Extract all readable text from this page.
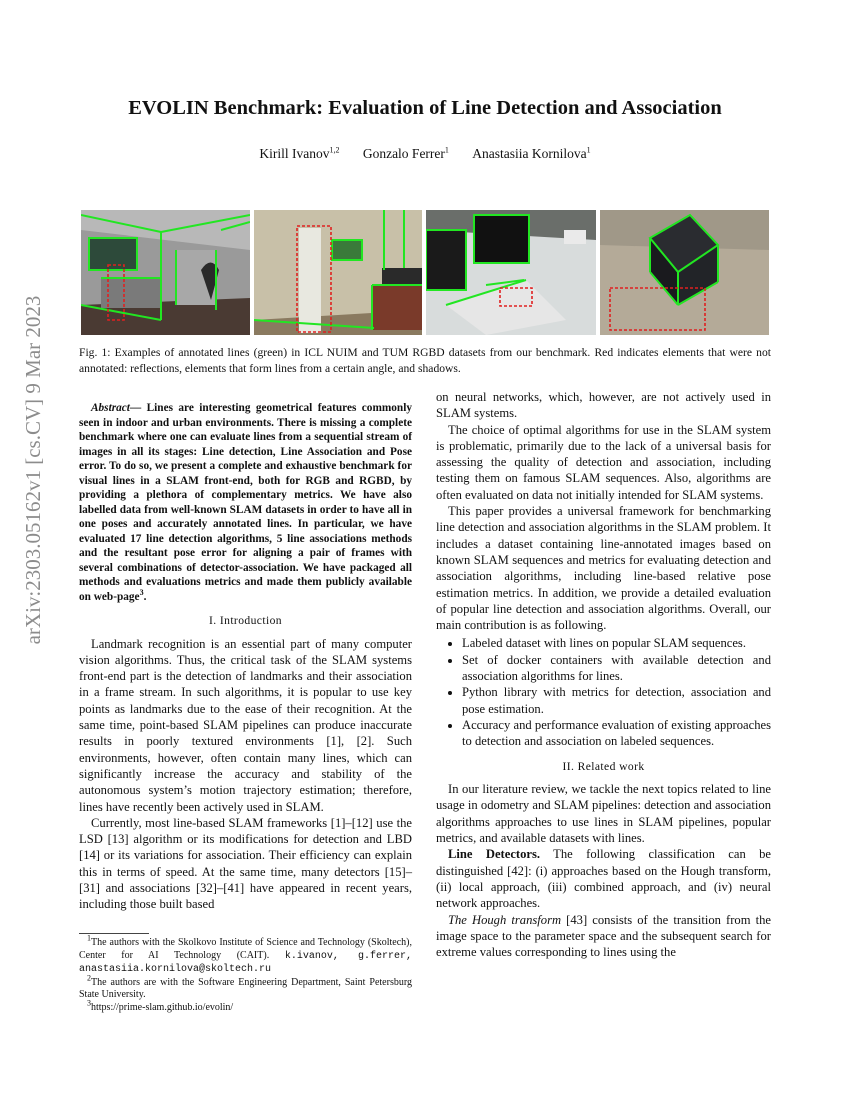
arXiv:2303.05162v1 [cs.CV] 9 Mar 2023
EVOLIN Benchmark: Evaluation of Line Detection and Association
Kirill Ivanov$^{1,2}$ Gonzalo Ferrer$^1$ Anastasiia Kornilova$^1$
Fig. 1: Examples of annotated lines (green) in ICL NUIM and TUM RGBD datasets from our benchmark. Red indicates elements that were not annotated: reflections, elements that form lines from a certain angle, and shadows.

Abstract— Lines are interesting geometrical features commonly seen in indoor and urban environments. There is missing a complete benchmark where one can evaluate lines from a sequential stream of images in all its stages: Line detection, Line Association and Pose error. To do so, we present a complete and exhaustive benchmark for visual lines in a SLAM front-end, both for RGB and RGBD, by providing a plethora of complementary metrics. We have also labelled data from well-known SLAM datasets in order to have all in one poses and accurately annotated lines. In particular, we have evaluated 17 line detection algorithms, 5 line associations methods and the resultant pose error for aligning a pair of frames with several combinations of detector-association. We have packaged all methods and evaluations metrics and made them publicly available on web-page$^3$.

I. Introduction

Landmark recognition is an essential part of many computer vision algorithms. Thus, the critical task of the SLAM systems front-end part is the detection of landmarks and their association in a frame stream. In such algorithms, it is popular to use key points as landmarks due to the ease of their recognition. At the same time, point-based SLAM pipelines can produce inaccurate results in poorly textured environments [1], [2]. Such environments, however, often contain many lines, which can significantly increase the accuracy and stability of the autonomous system’s motion trajectory estimation; therefore, lines have recently been actively used in SLAM.

Currently, most line-based SLAM frameworks [1]–[12] use the LSD [13] algorithm or its modifications for detection and LBD [14] or its variations for association. Their efficiency can explain this in terms of speed. At the same time, many detectors [15]–[31] and associations [32]–[41] have appeared in recent years, including those built based

$^1$The authors with the Skolkovo Institute of Science and Technology (Skoltech), Center for AI Technology (CAIT). k.ivanov, g.ferrer, anastasiia.kornilova@skoltech.ru

$^2$The authors are with the Software Engineering Department, Saint Petersburg State University.

$^3$https://prime-slam.github.io/evolin/

on neural networks, which, however, are not actively used in SLAM systems.

The choice of optimal algorithms for use in the SLAM system is problematic, primarily due to the lack of a universal basis for assessing the quality of detection and association, including testing them on famous SLAM sequences. Also, algorithms are often evaluated on data not initially intended for SLAM systems.

This paper provides a universal framework for benchmarking line detection and association algorithms in the SLAM problem. It includes a dataset containing line-annotated images based on known SLAM sequences and metrics for evaluating detection and association algorithms, including line-based relative pose estimation metrics. In addition, we provide a detailed evaluation of popular line detection and association algorithms. Overall, our main contribution is as following.

• Labeled dataset with lines on popular SLAM sequences.
• Set of docker containers with available detection and association algorithms for lines.
• Python library with metrics for detection, association and pose estimation.
• Accuracy and performance evaluation of existing approaches to detection and association on labeled sequences.

II. Related work

In our literature review, we tackle the next topics related to line usage in odometry and SLAM pipelines: detection and association algorithms approaches to use lines in SLAM pipelines, popular metrics, and available datasets with lines.

Line Detectors. The following classification can be distinguished [42]: (i) approaches based on the Hough transform, (ii) local approach, (iii) combined approach, and (iv) neural network approaches.

The Hough transform [43] consists of the transition from the image space to the parameter space and the subsequent search for extreme values corresponding to lines using the
